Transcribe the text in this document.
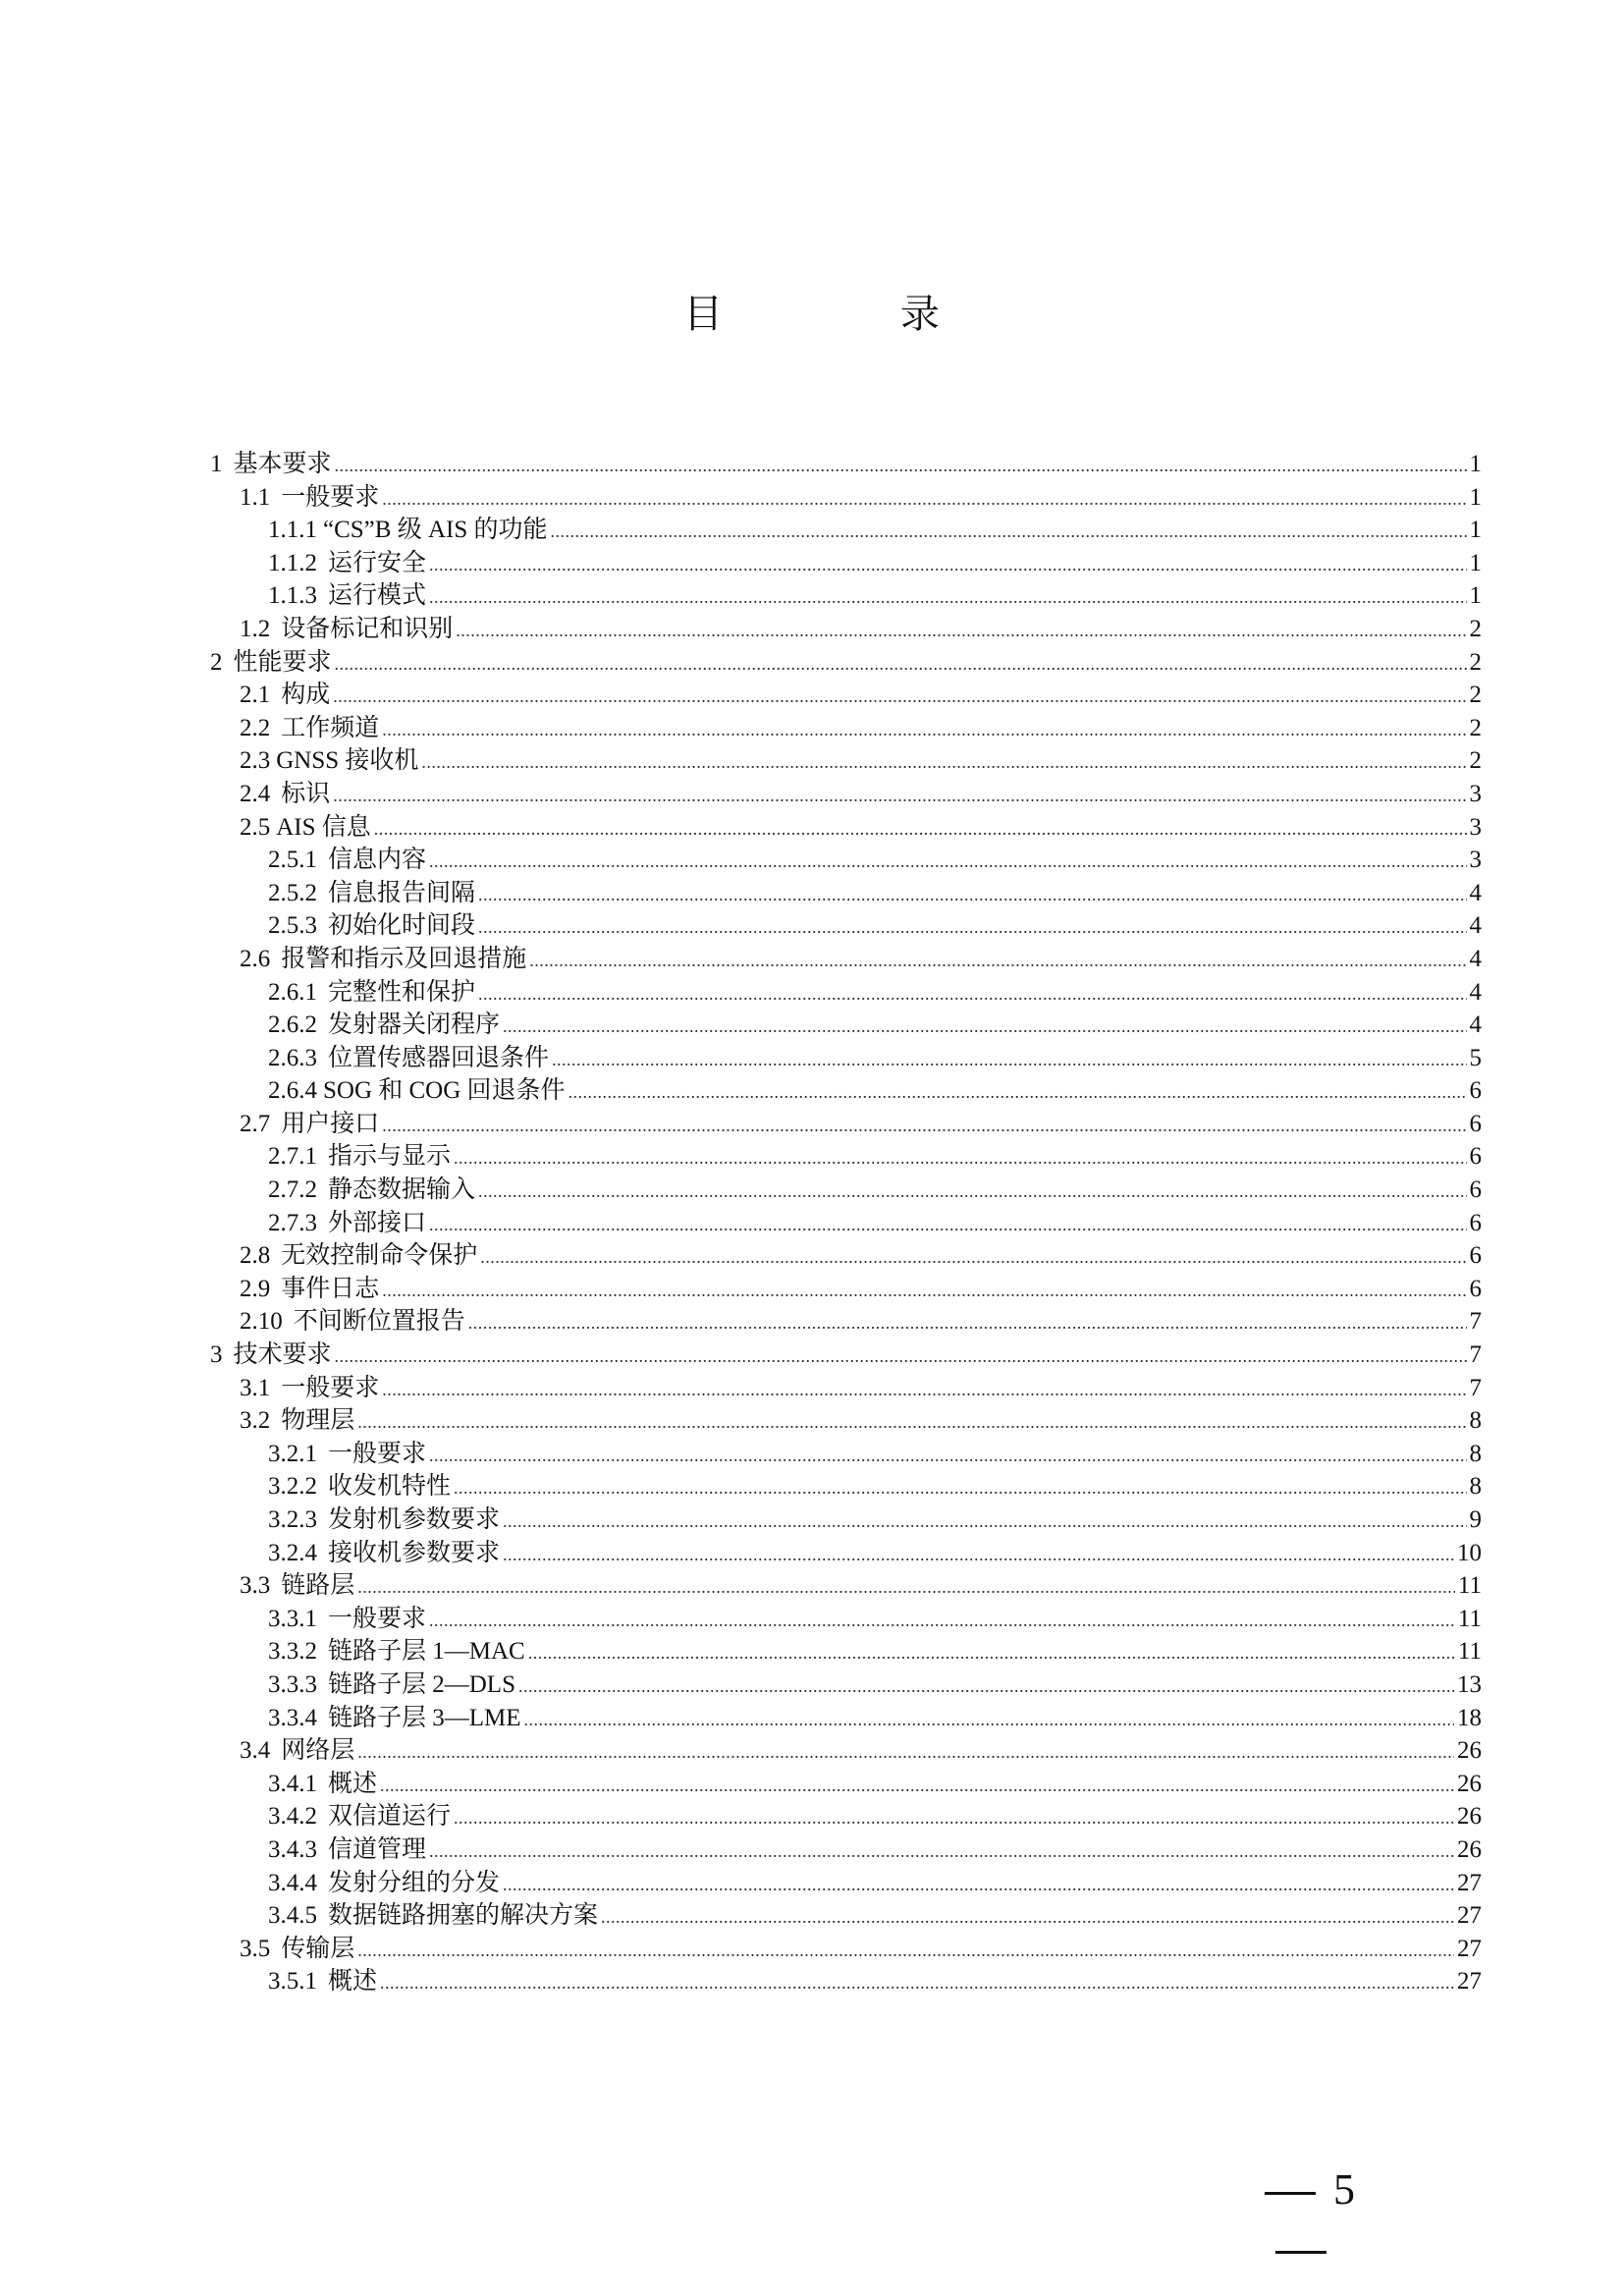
目 录
1 基本要求 .....	1
1.1 一般要求 .....	1
1.1.1 “CS”B 级 AIS 的功能 .....	1
1.1.2 运行安全 .....	1
1.1.3 运行模式 .....	1
1.2 设备标记和识别 .....	2
2 性能要求 .....	2
2.1 构成 .....	2
2.2 工作频道 .....	2
2.3 GNSS 接收机 .....	2
2.4 标识 .....	3
2.5 AIS 信息 .....	3
2.5.1 信息内容 .....	3
2.5.2 信息报告间隔 .....	4
2.5.3 初始化时间段 .....	4
2.6 报警和指示及回退措施 .....	4
2.6.1 完整性和保护 .....	4
2.6.2 发射器关闭程序 .....	4
2.6.3 位置传感器回退条件 .....	5
2.6.4 SOG 和 COG 回退条件 .....	6
2.7 用户接口 .....	6
2.7.1 指示与显示 .....	6
2.7.2 静态数据输入 .....	6
2.7.3 外部接口 .....	6
2.8 无效控制命令保护 .....	6
2.9 事件日志 .....	6
2.10 不间断位置报告 .....	7
3 技术要求 .....	7
3.1 一般要求 .....	7
3.2 物理层 .....	8
3.2.1 一般要求 .....	8
3.2.2 收发机特性 .....	8
3.2.3 发射机参数要求 .....	9
3.2.4 接收机参数要求 .....	10
3.3 链路层 .....	11
3.3.1 一般要求 .....	11
3.3.2 链路子层 1—MAC .....	11
3.3.3 链路子层 2—DLS .....	13
3.3.4 链路子层 3—LME .....	18
3.4 网络层 .....	26
3.4.1 概述 .....	26
3.4.2 双信道运行 .....	26
3.4.3 信道管理 .....	26
3.4.4 发射分组的分发 .....	27
3.4.5 数据链路拥塞的解决方案 .....	27
3.5 传输层 .....	27
3.5.1 概述 .....	27
5
